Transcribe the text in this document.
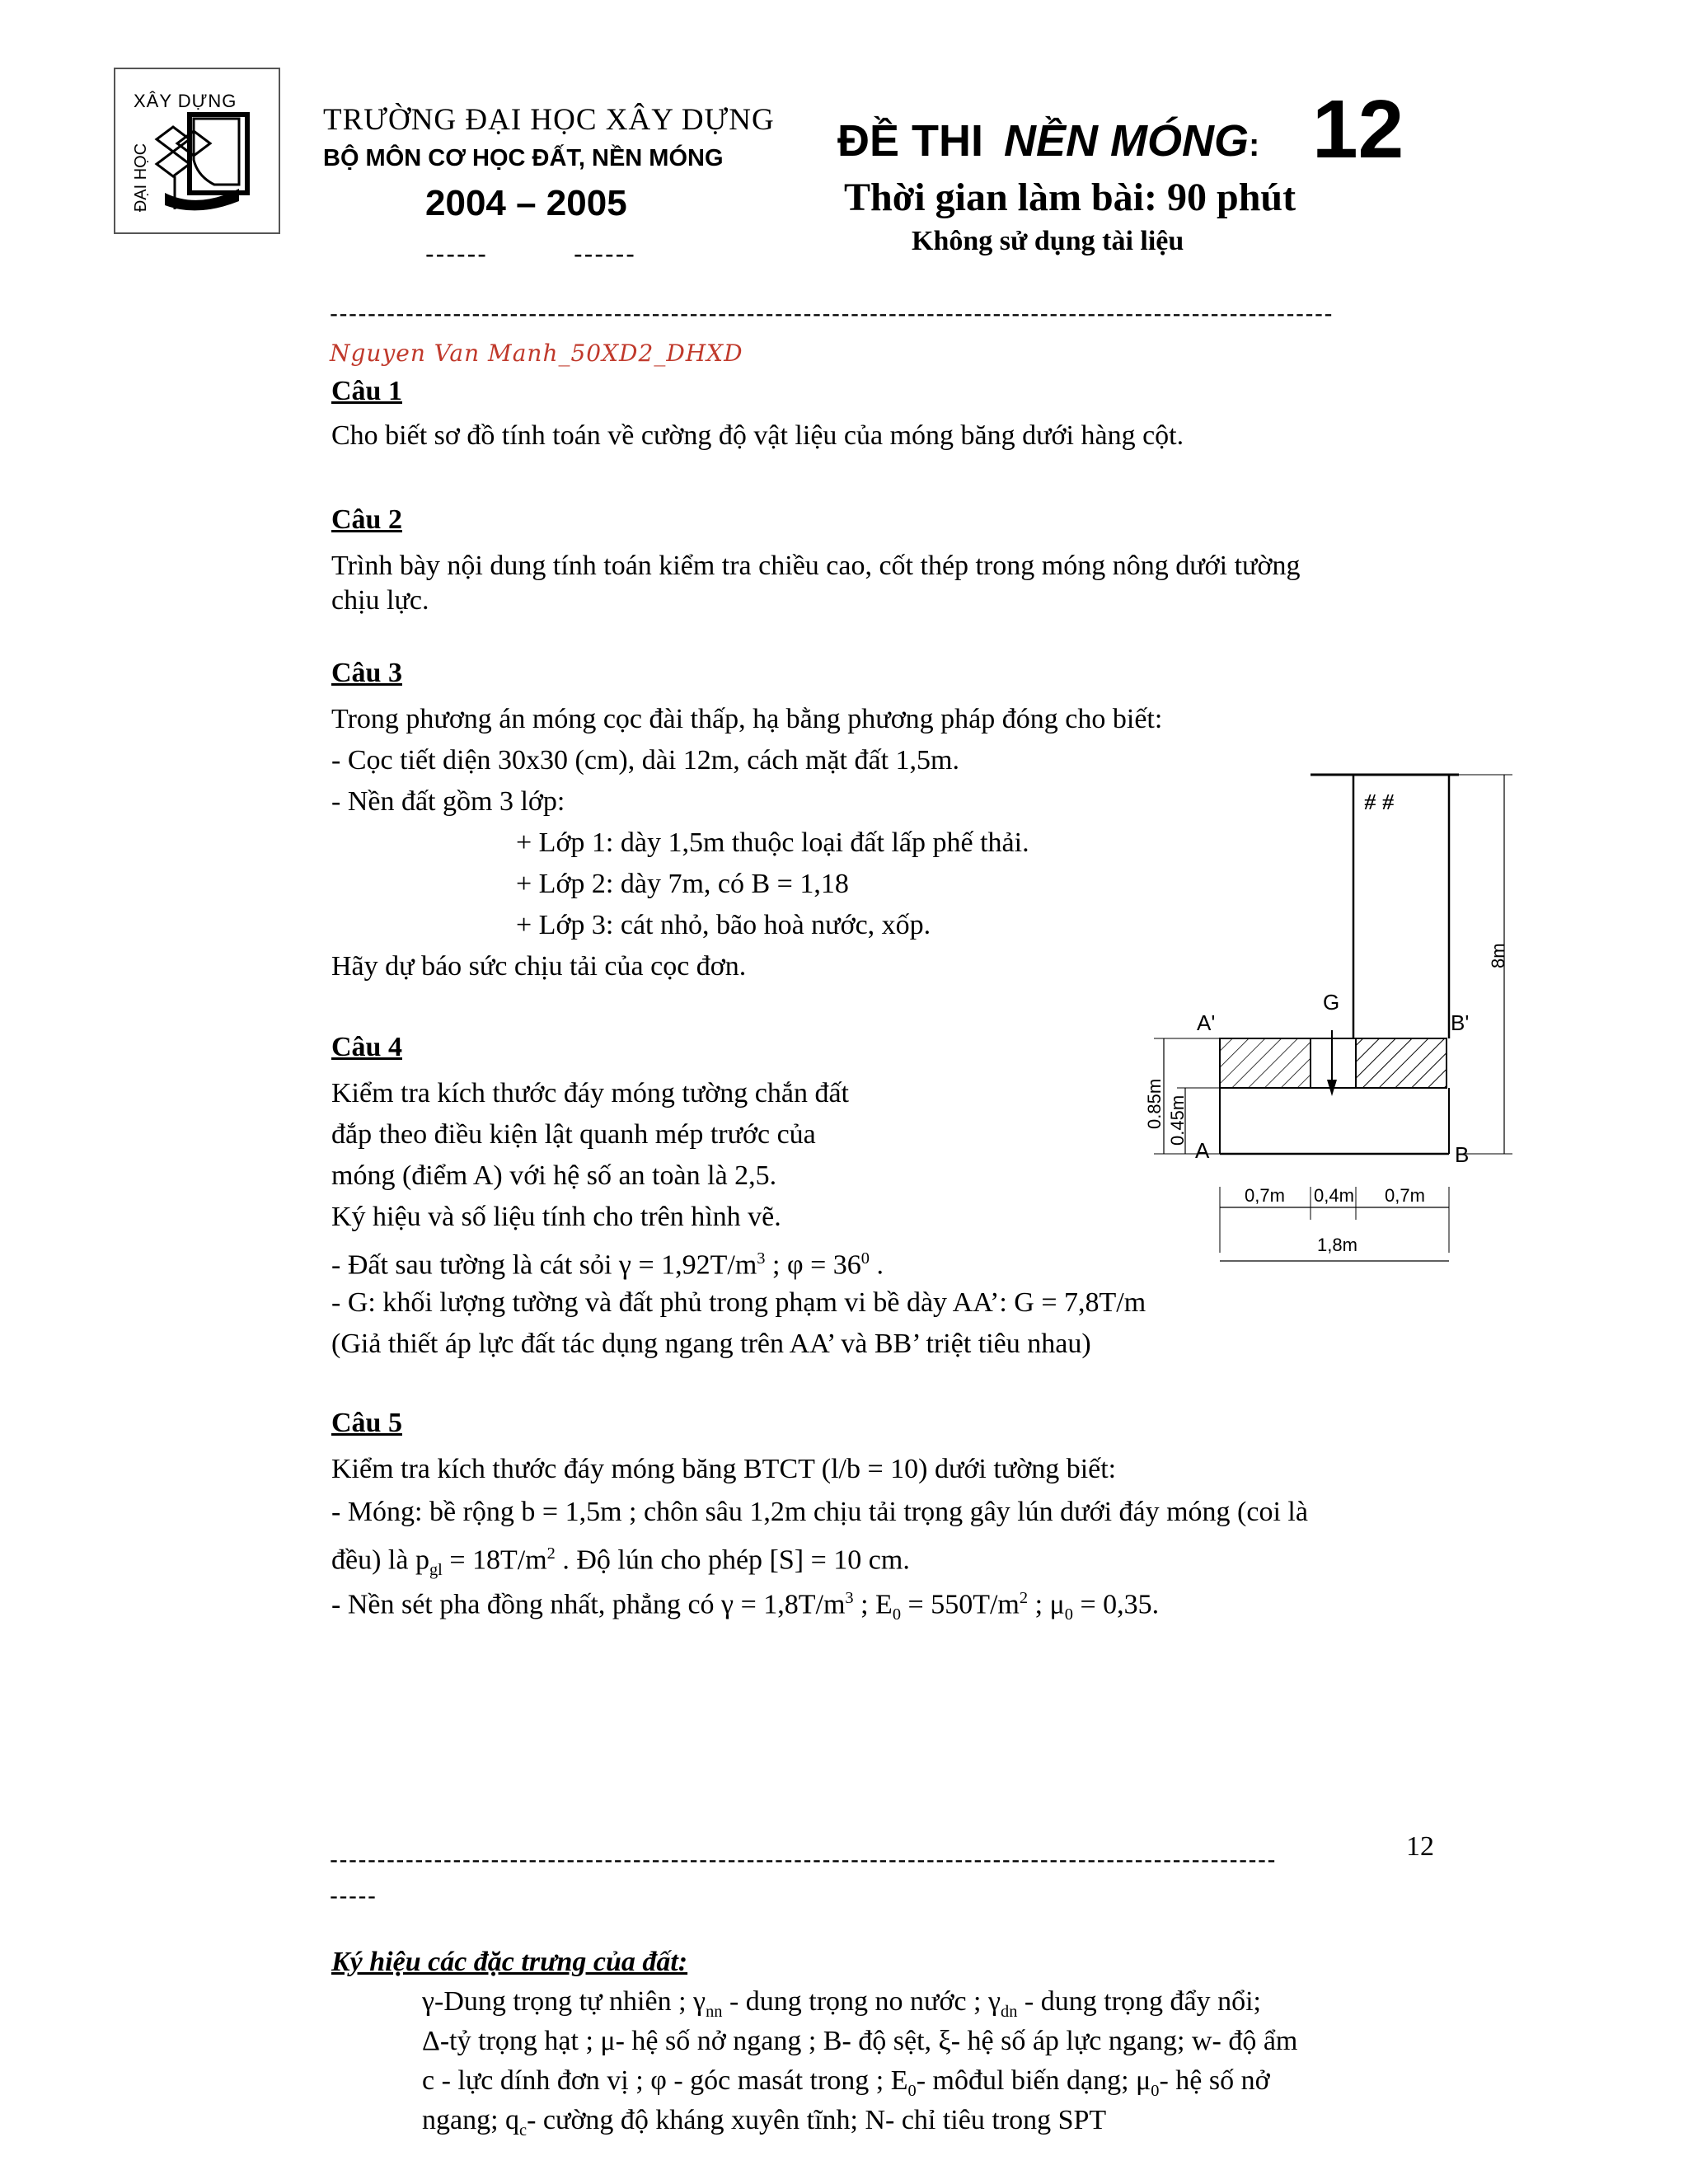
XÂY DỰNG
ĐẠI HỌC
TRƯỜNG ĐẠI HỌC XÂY DỰNG
BỘ MÔN CƠ HỌC ĐẤT, NỀN MÓNG
2004 – 2005
------	------
ĐỀ THI NỀN MÓNG: 12
Thời gian làm bài: 90 phút
Không sử dụng tài liệu
----------------------------------------------------------------------------------------------------------
Nguyen Van Manh_50XD2_DHXD
Câu 1
Cho biết sơ đồ tính toán về cường độ vật liệu của móng băng dưới hàng cột.
Câu 2
Trình bày nội dung tính toán kiểm tra chiều cao, cốt thép trong móng nông dưới tường
chịu lực.
Câu 3
Trong phương án móng cọc đài thấp, hạ bằng phương pháp đóng cho biết:
- Cọc tiết diện 30x30 (cm), dài 12m, cách mặt đất 1,5m.
- Nền đất gồm 3 lớp:
+ Lớp 1: dày 1,5m thuộc loại đất lấp phế thải.
+ Lớp 2: dày 7m, có B = 1,18
+ Lớp 3: cát nhỏ, bão hoà nước, xốp.
Hãy dự báo sức chịu tải của cọc đơn.
Câu 4
Kiểm tra kích thước đáy móng tường chắn đất
đắp theo điều kiện lật quanh mép trước của
móng (điểm A) với hệ số an toàn là 2,5.
Ký hiệu và số liệu tính cho trên hình vẽ.
- Đất sau tường là cát sỏi $\gamma = 1,92T/m^3$ ; $\varphi = 36^0$ .
- G: khối lượng tường và đất phủ trong phạm vi bề dày AA’: G = 7,8T/m
(Giả thiết áp lực đất tác dụng ngang trên AA’ và BB’ triệt tiêu nhau)
Câu 5
Kiểm tra kích thước đáy móng băng BTCT (l/b = 10) dưới tường biết:
- Móng: bề rộng b = 1,5m ; chôn sâu 1,2m chịu tải trọng gây lún dưới đáy móng (coi là
đều) là $p_{gl} = 18T/m^2$ . Độ lún cho phép [S] = 10 cm.
- Nền sét pha đồng nhất, phẳng có $\gamma = 1,8T/m^3$ ; $E_0 = 550T/m^2$ ; $\mu_0 = 0,35$.
⧣ ⧣
G
A'	B'
A	B
8m
0.85m 0.45m
0,7m 0,4m 0,7m
1,8m
12
----------------------------------------------------------------------------------------------------
-----
Ký hiệu các đặc trưng của đất:
γ-Dung trọng tự nhiên ; $\gamma_{nn}$ - dung trọng no nước ; $\gamma_{dn}$ - dung trọng đẩy nổi;
Δ-tỷ trọng hạt ; μ- hệ số nở ngang ; B- độ sệt, ξ- hệ số áp lực ngang; w- độ ẩm
c - lực dính đơn vị ; φ - góc masát trong ; $E_0-$ môđul biến dạng; $\mu_0-$ hệ số nở
ngang; $q_c-$ cường độ kháng xuyên tĩnh; N- chỉ tiêu trong SPT
